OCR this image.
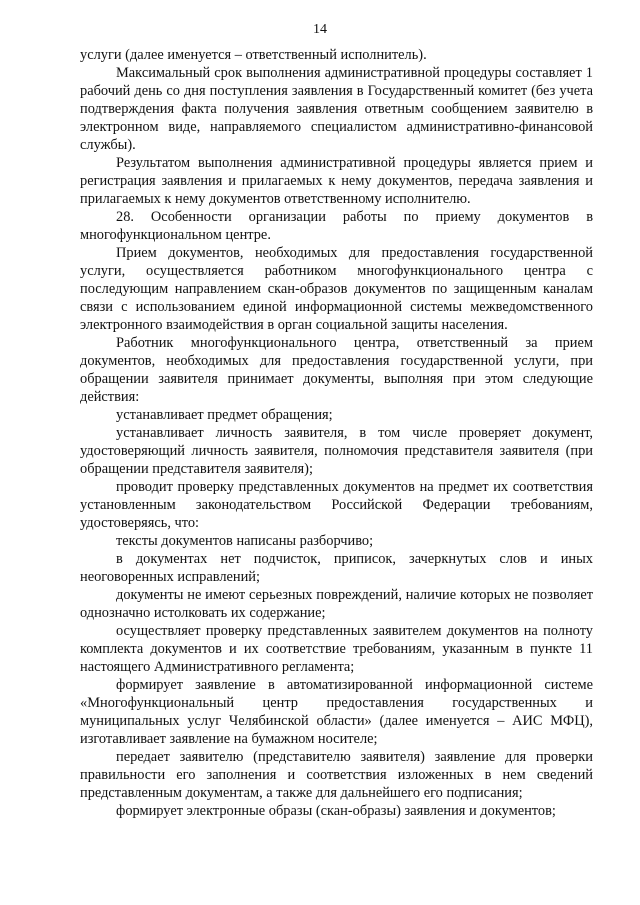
14

услуги (далее именуется – ответственный исполнитель).

Максимальный срок выполнения административной процедуры составляет 1 рабочий день со дня поступления заявления в Государственный комитет (без учета подтверждения факта получения заявления ответным сообщением заявителю в электронном виде, направляемого специалистом административно-финансовой службы).

Результатом выполнения административной процедуры является прием и регистрация заявления и прилагаемых к нему документов, передача заявления и прилагаемых к нему документов ответственному исполнителю.

28. Особенности организации работы по приему документов в многофункциональном центре.

Прием документов, необходимых для предоставления государственной услуги, осуществляется работником многофункционального центра с последующим направлением скан-образов документов по защищенным каналам связи с использованием единой информационной системы межведомственного электронного взаимодействия в орган социальной защиты населения.

Работник многофункционального центра, ответственный за прием документов, необходимых для предоставления государственной услуги, при обращении заявителя принимает документы, выполняя при этом следующие действия:

устанавливает предмет обращения;

устанавливает личность заявителя, в том числе проверяет документ, удостоверяющий личность заявителя, полномочия представителя заявителя (при обращении представителя заявителя);

проводит проверку представленных документов на предмет их соответствия установленным законодательством Российской Федерации требованиям, удостоверяясь, что:

тексты документов написаны разборчиво;

в документах нет подчисток, приписок, зачеркнутых слов и иных неоговоренных исправлений;

документы не имеют серьезных повреждений, наличие которых не позволяет однозначно истолковать их содержание;

осуществляет проверку представленных заявителем документов на полноту комплекта документов и их соответствие требованиям, указанным в пункте 11 настоящего Административного регламента;

формирует заявление в автоматизированной информационной системе «Многофункциональный центр предоставления государственных и муниципальных услуг Челябинской области» (далее именуется – АИС МФЦ), изготавливает заявление на бумажном носителе;

передает заявителю (представителю заявителя) заявление для проверки правильности его заполнения и соответствия изложенных в нем сведений представленным документам, а также для дальнейшего его подписания;

формирует электронные образы (скан-образы) заявления и документов;
